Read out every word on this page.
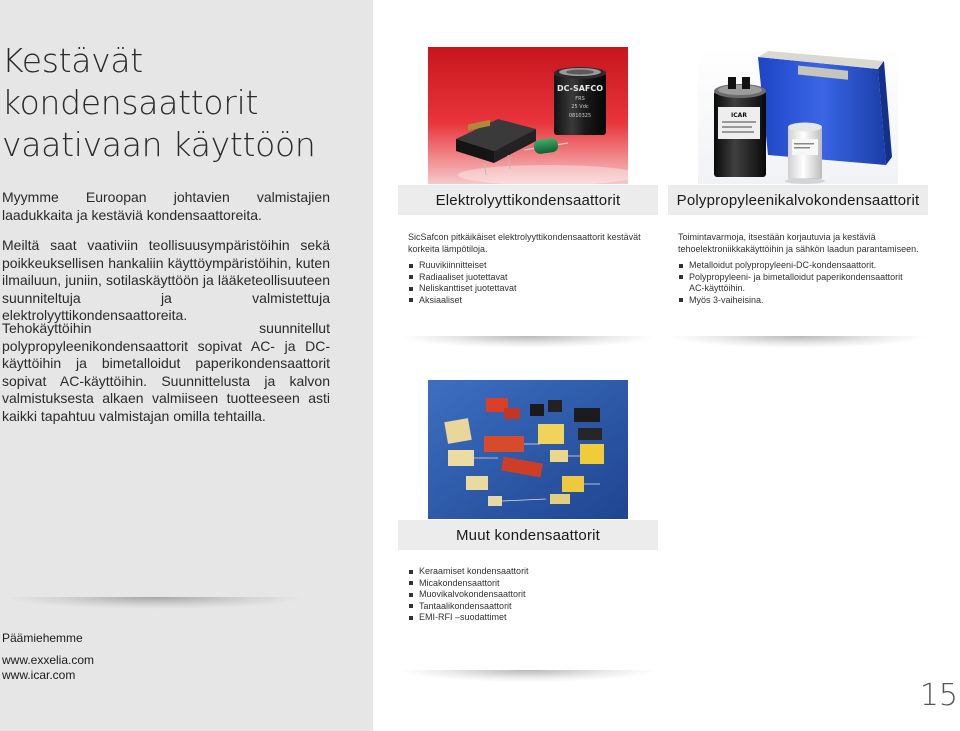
Kestävät
kondensaattorit
vaativaan käyttöön

Myymme Euroopan johtavien valmistajien laadukkaita ja kestäviä kondensaattoreita.

Meiltä saat vaativiin teollisuusympäristöihin sekä poikkeuksellisen hankaliin käyttöympäristöihin, kuten ilmailuun, juniin, sotilaskäyttöön ja lääketeollisuuteen suunniteltuja ja valmistettuja elektrolyyttikondensaattoreita.

Tehokäyttöihin suunnitellut polypropyleenikondensaattorit sopivat AC- ja DC-käyttöihin ja bimetalloidut paperikondensaattorit sopivat AC-käyttöihin. Suunnittelusta ja kalvon valmistuksesta alkaen valmiiseen tuotteeseen asti kaikki tapahtuu valmistajan omilla tehtailla.

Päämiehemme
www.exxelia.com
www.icar.com
DC-SAFCO
FRS
25 Vdc
0810325	ICAR
Elektrolyyttikondensaattorit	Polypropyleenikalvokondensaattorit
Muut kondensaattorit

SicSafcon pitkäikäiset elektrolyyttikondensaattorit kestävät korkeita lämpötiloja.

Toimintavarmoja, itsestään korjautuvia ja kestäviä tehoelektroniikkakäyttöihin ja sähkön laadun parantamiseen.

Ruuvikiinnitteiset
Radiaaliset juotettavat
Neliskanttiset juotettavat
Aksiaaliset
Metalloidut polypropyleeni-DC-kondensaattorit.
Polypropyleeni- ja bimetalloidut paperikondensaattorit AC-käyttöihin.
Myös 3-vaiheisina.
Keraamiset kondensaattorit
Micakondensaattorit
Muovikalvokondensaattorit
Tantaalikondensaattorit
EMI-RFI –suodattimet
15
